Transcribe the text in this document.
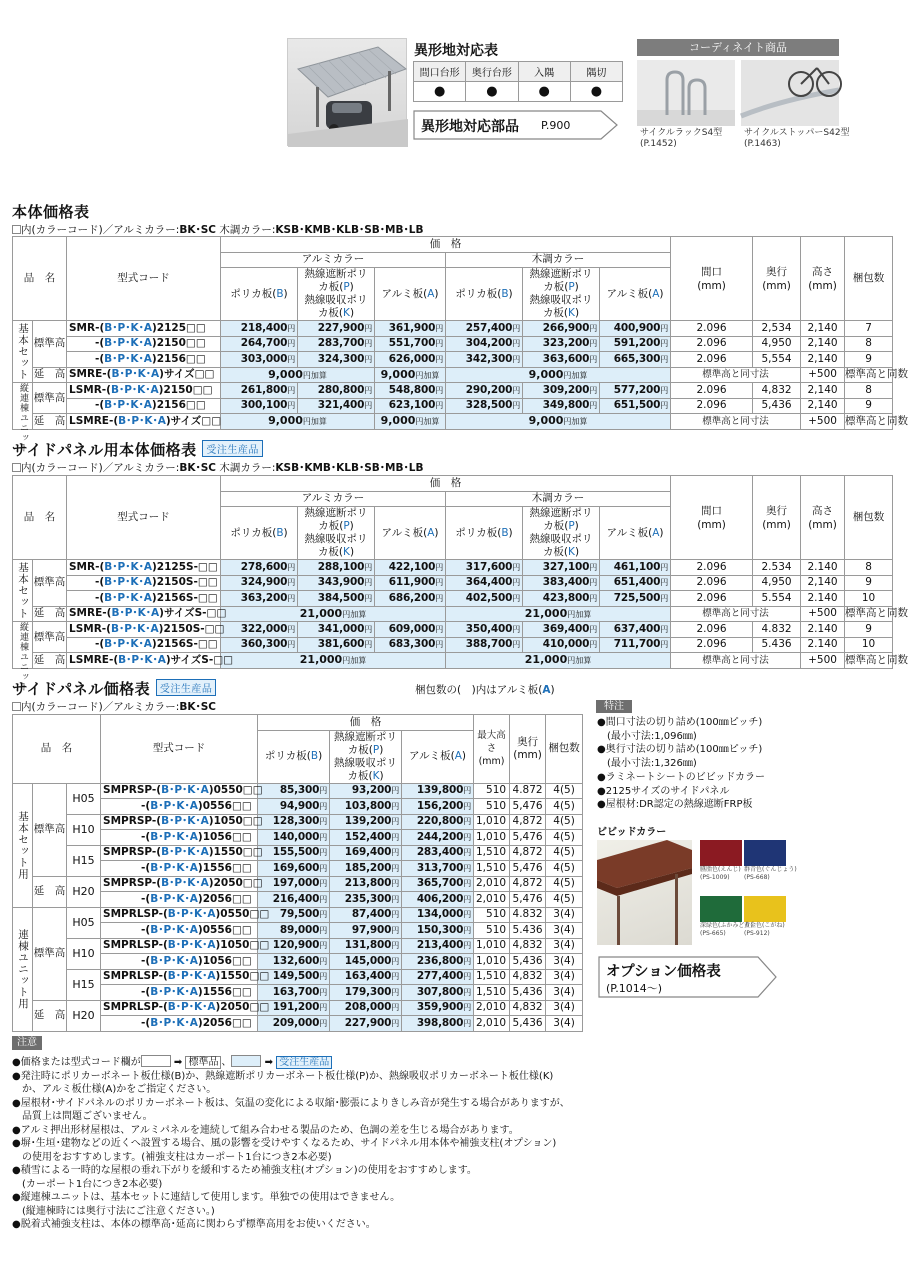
異形地対応表
間口台形	奥行台形	入隅	隅切
●	●	●	●
異形地対応部品 P.900
コーディネイト商品
サイクルラックS4型
(P.1452)
サイクルストッパーS42型
(P.1463)
本体価格表
内(カラーコード)／アルミカラー:BK･SC 木調カラー:KSB･KMB･KLB･SB･MB･LB
品　名		型式コード	価　格						間口
(mm)	奥行
(mm)	高さ
(mm)	梱包数
			アルミカラー			木調カラー						
			ポリカ板(B)	熱線遮断ポリカ板(P)
熱線吸収ポリカ板(K)	アルミ板(A)	ポリカ板(B)	熱線遮断ポリカ板(P)
熱線吸収ポリカ板(K)	アルミ板(A)				
基本セット	標準高	SMR-(B･P･K･A)2125□□	218,400円	227,900円	361,900円	257,400円	266,900円	400,900円	2.096	2,534	2,140	7
		-(B･P･K･A)2150□□	264,700円	283,700円	551,700円	304,200円	323,200円	591,200円	2.096	4,950	2,140	8
		-(B･P･K･A)2156□□	303,000円	324,300円	626,000円	342,300円	363,600円	665,300円	2.096	5,554	2,140	9
	延　高	SMRE-(B･P･K･A)サイズ□□	9,000円加算		9,000円加算	9,000円加算			標準高と同寸法		+500	標準高と同数
縦連棟ユニット	標準高	LSMR-(B･P･K･A)2150□□	261,800円	280,800円	548,800円	290,200円	309,200円	577,200円	2.096	4,832	2,140	8
		-(B･P･K･A)2156□□	300,100円	321,400円	623,100円	328,500円	349,800円	651,500円	2.096	5,436	2,140	9
	延　高	LSMRE-(B･P･K･A)サイズ□□	9,000円加算		9,000円加算	9,000円加算			標準高と同寸法		+500	標準高と同数
サイドパネル用本体価格表 受注生産品
内(カラーコード)／アルミカラー:BK･SC 木調カラー:KSB･KMB･KLB･SB･MB･LB
品　名		型式コード	価　格						間口
(mm)	奥行
(mm)	高さ
(mm)	梱包数
			アルミカラー			木調カラー						
			ポリカ板(B)	熱線遮断ポリカ板(P)
熱線吸収ポリカ板(K)	アルミ板(A)	ポリカ板(B)	熱線遮断ポリカ板(P)
熱線吸収ポリカ板(K)	アルミ板(A)				
基本セット	標準高	SMR-(B･P･K･A)2125S-□□	278,600円	288,100円	422,100円	317,600円	327,100円	461,100円	2.096	2.534	2.140	8
		-(B･P･K･A)2150S-□□	324,900円	343,900円	611,900円	364,400円	383,400円	651,400円	2.096	4,950	2,140	9
		-(B･P･K･A)2156S-□□	363,200円	384,500円	686,200円	402,500円	423,800円	725,500円	2.096	5.554	2.140	10
	延　高	SMRE-(B･P･K･A)サイズS-□□	21,000円加算			21,000円加算			標準高と同寸法		+500	標準高と同数
縦連棟ユニット	標準高	LSMR-(B･P･K･A)2150S-□□	322,000円	341,000円	609,000円	350,400円	369,400円	637,400円	2.096	4.832	2.140	9
		-(B･P･K･A)2156S-□□	360,300円	381,600円	683,300円	388,700円	410,000円	711,700円	2.096	5.436	2.140	10
	延　高	LSMRE-(B･P･K･A)サイズS-□□	21,000円加算			21,000円加算			標準高と同寸法		+500	標準高と同数
サイドパネル価格表 受注生産品	梱包数の(　)内はアルミ板(A)
内(カラーコード)／アルミカラー:BK･SC
品　名			型式コード	価　格			最大高さ
(mm)	奥行
(mm)	梱包数
				ポリカ板(B)	熱線遮断ポリカ板(P)
熱線吸収ポリカ板(K)	アルミ板(A)			
基本セット用	標準高	H05	SMPRSP-(B･P･K･A)0550□□	85,300円	93,200円	139,800円	510	4.872	4(5)
			-(B･P･K･A)0556□□	94,900円	103,800円	156,200円	510	5,476	4(5)
		H10	SMPRSP-(B･P･K･A)1050□□	128,300円	139,200円	220,800円	1,010	4,872	4(5)
			-(B･P･K･A)1056□□	140,000円	152,400円	244,200円	1,010	5,476	4(5)
		H15	SMPRSP-(B･P･K･A)1550□□	155,500円	169,400円	283,400円	1,510	4,872	4(5)
			-(B･P･K･A)1556□□	169,600円	185,200円	313,700円	1,510	5,476	4(5)
	延　高	H20	SMPRSP-(B･P･K･A)2050□□	197,000円	213,800円	365,700円	2,010	4,872	4(5)
			-(B･P･K･A)2056□□	216,400円	235,300円	406,200円	2,010	5,476	4(5)
連棟ユニット用	標準高	H05	SMPRLSP-(B･P･K･A)0550□□	79,500円	87,400円	134,000円	510	4.832	3(4)
			-(B･P･K･A)0556□□	89,000円	97,900円	150,300円	510	5.436	3(4)
		H10	SMPRLSP-(B･P･K･A)1050□□	120,900円	131,800円	213,400円	1,010	4,832	3(4)
			-(B･P･K･A)1056□□	132,600円	145,000円	236,800円	1,010	5,436	3(4)
		H15	SMPRLSP-(B･P･K･A)1550□□	149,500円	163,400円	277,400円	1,510	4,832	3(4)
			-(B･P･K･A)1556□□	163,700円	179,300円	307,800円	1,510	5,436	3(4)
	延　高	H20	SMPRLSP-(B･P･K･A)2050□□	191,200円	208,000円	359,900円	2,010	4,832	3(4)
			-(B･P･K･A)2056□□	209,000円	227,900円	398,800円	2,010	5,436	3(4)
特注
●間口寸法の切り詰め(100㎜ピッチ)
(最小寸法:1,096㎜)
●奥行寸法の切り詰め(100㎜ピッチ)
(最小寸法:1,326㎜)
●ラミネートシートのビビッドカラー
●2125サイズのサイドパネル
●屋根材:DR認定の熱線遮断FRP板
ビビッドカラー
臙脂色(えんじ)
(PS-1009)
群青色(ぐんじょう)
(PS-668)
深緑色(ふかみどり)
(PS-665)
黄金色(こがね)
(PS-912)
オプション価格表
(P.1014〜)
注意

●価格または型式コード欄が	➡ 標準品 、	➡ 受注生産品

●発注時にポリカーボネート板仕様(B)か、熱線遮断ポリカーボネート板仕様(P)か、熱線吸収ポリカーボネート板仕様(K)

か、アルミ板仕様(A)かをご指定ください。

●屋根材･サイドパネルのポリカーボネート板は、気温の変化による収縮･膨張によりきしみ音が発生する場合がありますが、

品質上は問題ございません。

●アルミ押出形材屋根は、アルミパネルを連続して組み合わせる製品のため、色調の差を生じる場合があります。

●塀･生垣･建物などの近くへ設置する場合、風の影響を受けやすくなるため、サイドパネル用本体や補強支柱(オプション)

の使用をおすすめします。(補強支柱はカーポート1台につき2本必要)

●積雪による一時的な屋根の垂れ下がりを緩和するため補強支柱(オプション)の使用をおすすめします。

(カーポート1台につき2本必要)

●縦連棟ユニットは、基本セットに連結して使用します。単独での使用はできません。

(縦連棟時には奥行寸法にご注意ください。)

●脱着式補強支柱は、本体の標準高･延高に関わらず標準高用をお使いください。
